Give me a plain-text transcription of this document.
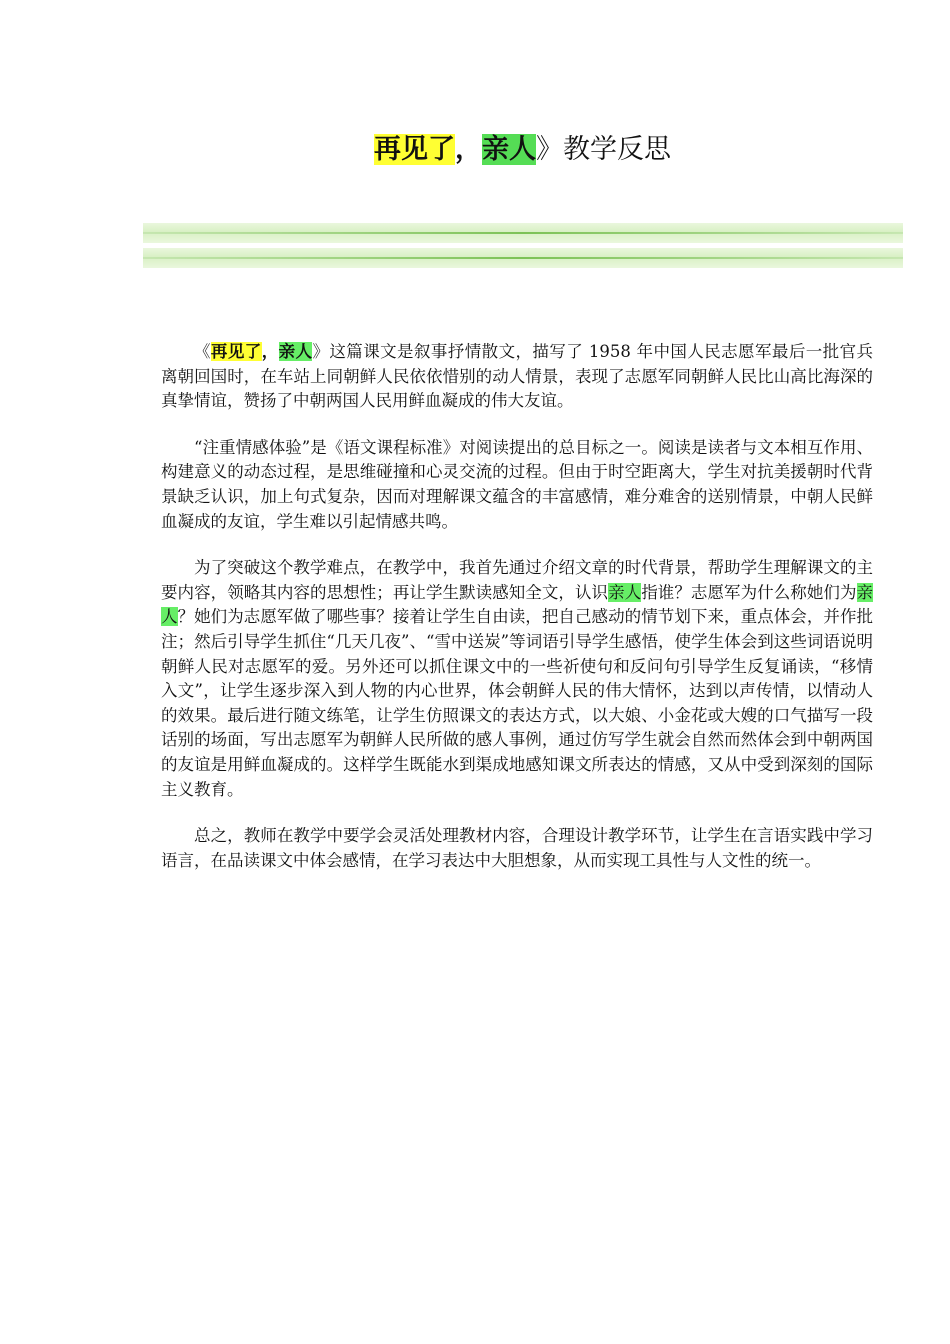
再见了，亲人》教学反思

《再见了，亲人》这篇课文是叙事抒情散文，描写了 1958 年中国人民志愿军最后一批官兵离朝回国时，在车站上同朝鲜人民依依惜别的动人情景，表现了志愿军同朝鲜人民比山高比海深的真挚情谊，赞扬了中朝两国人民用鲜血凝成的伟大友谊。

“注重情感体验”是《语文课程标准》对阅读提出的总目标之一。阅读是读者与文本相互作用、构建意义的动态过程，是思维碰撞和心灵交流的过程。但由于时空距离大，学生对抗美援朝时代背景缺乏认识，加上句式复杂，因而对理解课文蕴含的丰富感情，难分难舍的送别情景，中朝人民鲜血凝成的友谊，学生难以引起情感共鸣。

为了突破这个教学难点，在教学中，我首先通过介绍文章的时代背景，帮助学生理解课文的主要内容，领略其内容的思想性；再让学生默读感知全文，认识亲人指谁？志愿军为什么称她们为亲人？她们为志愿军做了哪些事？接着让学生自由读，把自己感动的情节划下来，重点体会，并作批注；然后引导学生抓住“几天几夜”、“雪中送炭”等词语引导学生感悟，使学生体会到这些词语说明朝鲜人民对志愿军的爱。另外还可以抓住课文中的一些祈使句和反问句引导学生反复诵读，“移情入文”，让学生逐步深入到人物的内心世界，体会朝鲜人民的伟大情怀，达到以声传情，以情动人的效果。最后进行随文练笔，让学生仿照课文的表达方式，以大娘、小金花或大嫂的口气描写一段话别的场面，写出志愿军为朝鲜人民所做的感人事例，通过仿写学生就会自然而然体会到中朝两国的友谊是用鲜血凝成的。这样学生既能水到渠成地感知课文所表达的情感，又从中受到深刻的国际主义教育。

总之，教师在教学中要学会灵活处理教材内容，合理设计教学环节，让学生在言语实践中学习语言，在品读课文中体会感情，在学习表达中大胆想象，从而实现工具性与人文性的统一。
